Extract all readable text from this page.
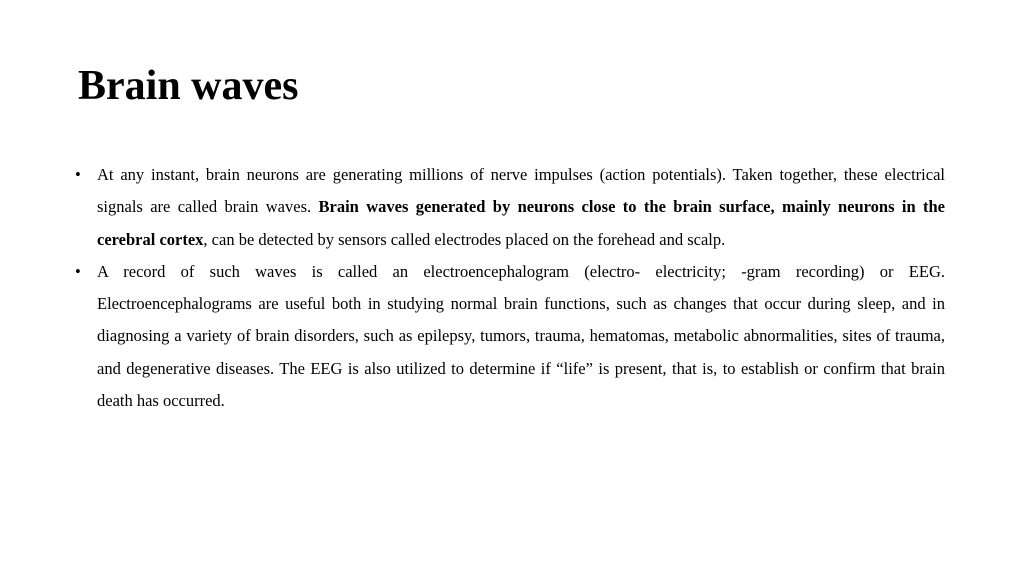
Brain waves
• At any instant, brain neurons are generating millions of nerve impulses (action potentials). Taken together, these electrical signals are called brain waves. Brain waves generated by neurons close to the brain surface, mainly neurons in the cerebral cortex, can be detected by sensors called electrodes placed on the forehead and scalp.
• A record of such waves is called an electroencephalogram (electro- electricity; -gram recording) or EEG. Electroencephalograms are useful both in studying normal brain functions, such as changes that occur during sleep, and in diagnosing a variety of brain disorders, such as epilepsy, tumors, trauma, hematomas, metabolic abnormalities, sites of trauma, and degenerative diseases. The EEG is also utilized to determine if “life” is present, that is, to establish or confirm that brain death has occurred.
